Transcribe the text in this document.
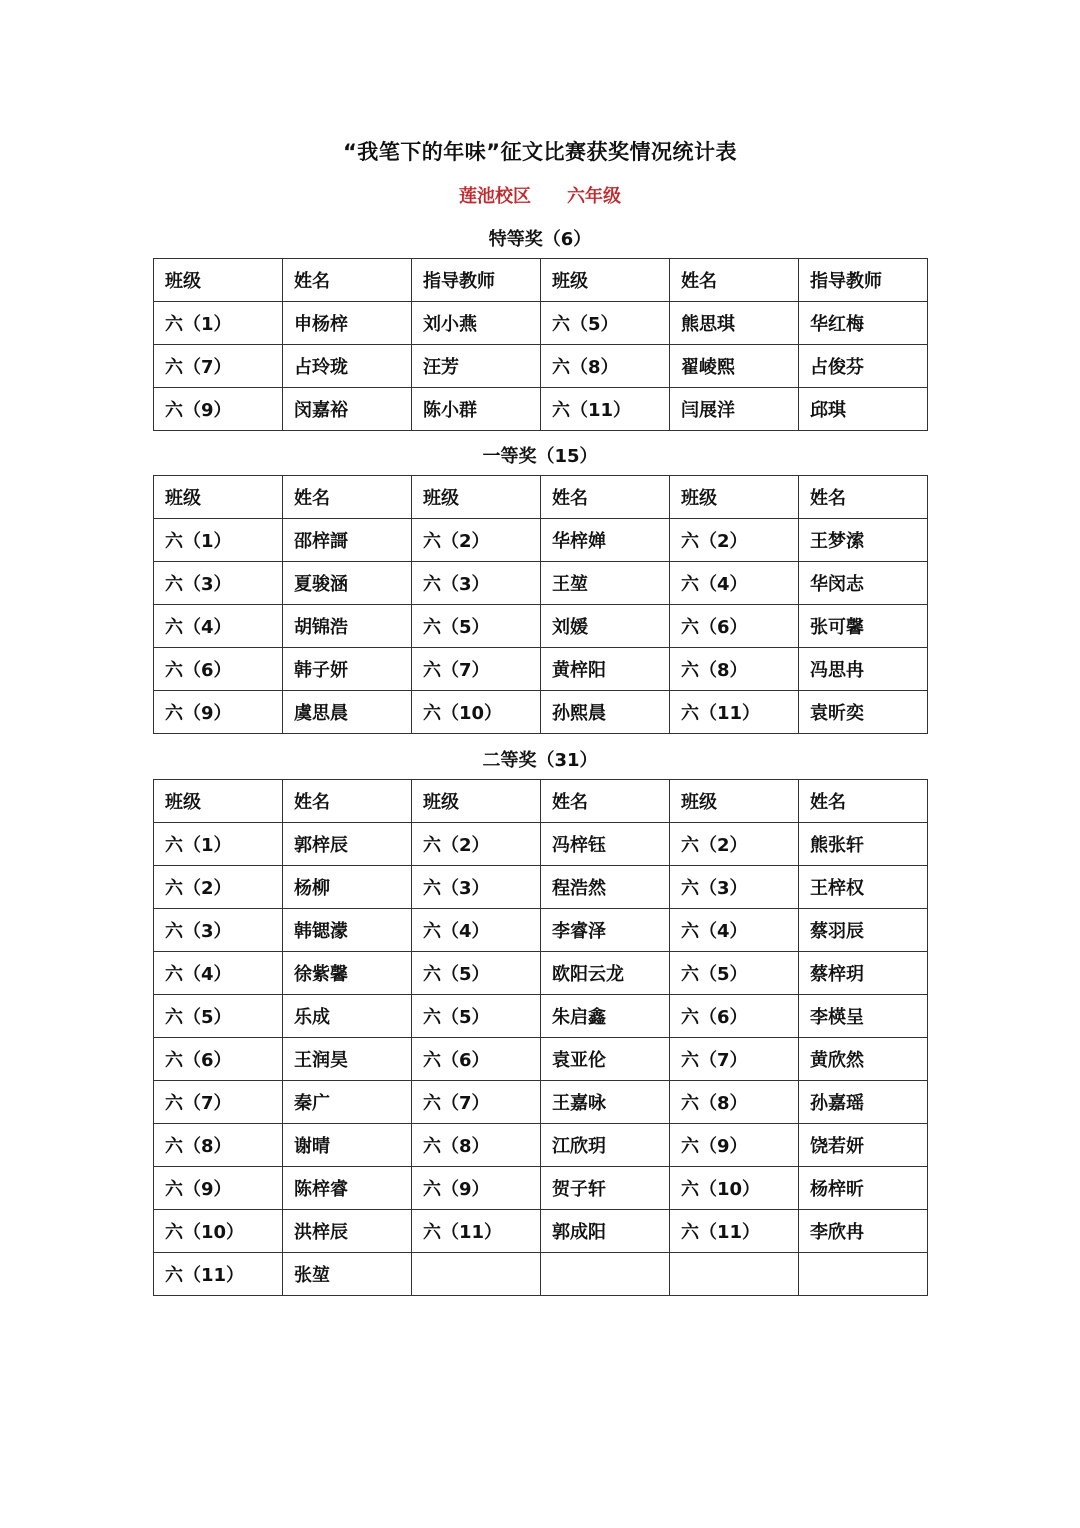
“我笔下的年味”征文比赛获奖情况统计表
莲池校区 六年级
特等奖（6）
班级	姓名	指导教师	班级	姓名	指导教师
六（1）	申杨梓	刘小燕	六（5）	熊思琪	华红梅
六（7）	占玲珑	汪芳	六（8）	翟崚熙	占俊芬
六（9）	闵嘉裕	陈小群	六（11）	闫展洋	邱琪
一等奖（15）
班级	姓名	班级	姓名	班级	姓名
六（1）	邵梓謌	六（2）	华梓婵	六（2）	王梦溹
六（3）	夏骏涵	六（3）	王堃	六（4）	华闵志
六（4）	胡锦浩	六（5）	刘媛	六（6）	张可馨
六（6）	韩子妍	六（7）	黄梓阳	六（8）	冯思冉
六（9）	虞思晨	六（10）	孙熙晨	六（11）	袁昕奕
二等奖（31）
班级	姓名	班级	姓名	班级	姓名
六（1）	郭梓辰	六（2）	冯梓钰	六（2）	熊张轩
六（2）	杨柳	六（3）	程浩然	六（3）	王梓权
六（3）	韩锶濛	六（4）	李睿泽	六（4）	蔡羽辰
六（4）	徐紫馨	六（5）	欧阳云龙	六（5）	蔡梓玥
六（5）	乐成	六（5）	朱启鑫	六（6）	李楧呈
六（6）	王润昊	六（6）	袁亚伦	六（7）	黄欣然
六（7）	秦广	六（7）	王嘉咏	六（8）	孙嘉瑶
六（8）	谢晴	六（8）	江欣玥	六（9）	饶若妍
六（9）	陈梓睿	六（9）	贺子轩	六（10）	杨梓昕
六（10）	洪梓辰	六（11）	郭成阳	六（11）	李欣冉
六（11）	张堃				
